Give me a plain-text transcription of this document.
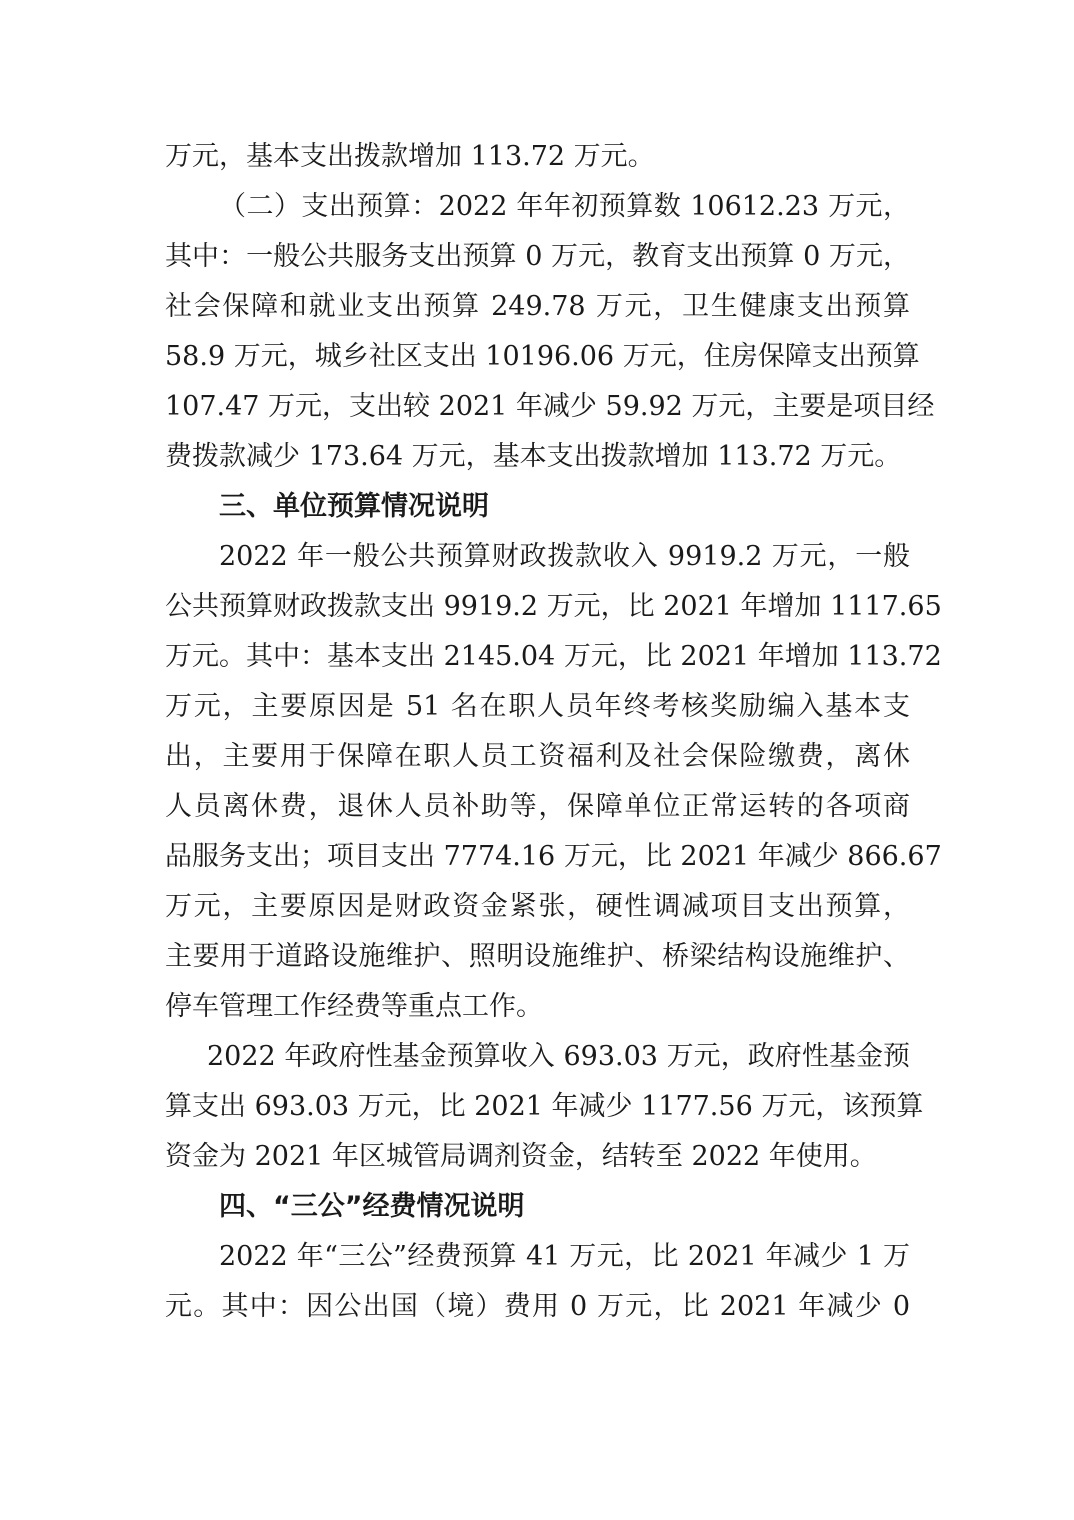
万元，基本支出拨款增加 113.72 万元。
（二）支出预算：2022 年年初预算数 10612.23 万元，
其中：一般公共服务支出预算 0 万元，教育支出预算 0 万元，
社会保障和就业支出预算 249.78 万元，卫生健康支出预算
58.9 万元，城乡社区支出 10196.06 万元，住房保障支出预算
107.47 万元，支出较 2021 年减少 59.92 万元，主要是项目经
费拨款减少 173.64 万元，基本支出拨款增加 113.72 万元。
三、单位预算情况说明
2022 年一般公共预算财政拨款收入 9919.2 万元，一般
公共预算财政拨款支出 9919.2 万元，比 2021 年增加 1117.65
万元。其中：基本支出 2145.04 万元，比 2021 年增加 113.72
万元，主要原因是 51 名在职人员年终考核奖励编入基本支
出，主要用于保障在职人员工资福利及社会保险缴费，离休
人员离休费，退休人员补助等，保障单位正常运转的各项商
品服务支出；项目支出 7774.16 万元，比 2021 年减少 866.67
万元，主要原因是财政资金紧张，硬性调减项目支出预算，
主要用于道路设施维护、照明设施维护、桥梁结构设施维护、
停车管理工作经费等重点工作。
2022 年政府性基金预算收入 693.03 万元，政府性基金预
算支出 693.03 万元，比 2021 年减少 1177.56 万元，该预算
资金为 2021 年区城管局调剂资金，结转至 2022 年使用。
四、“三公”经费情况说明
2022 年“三公”经费预算 41 万元，比 2021 年减少 1 万
元。其中：因公出国（境）费用 0 万元，比 2021 年减少 0
